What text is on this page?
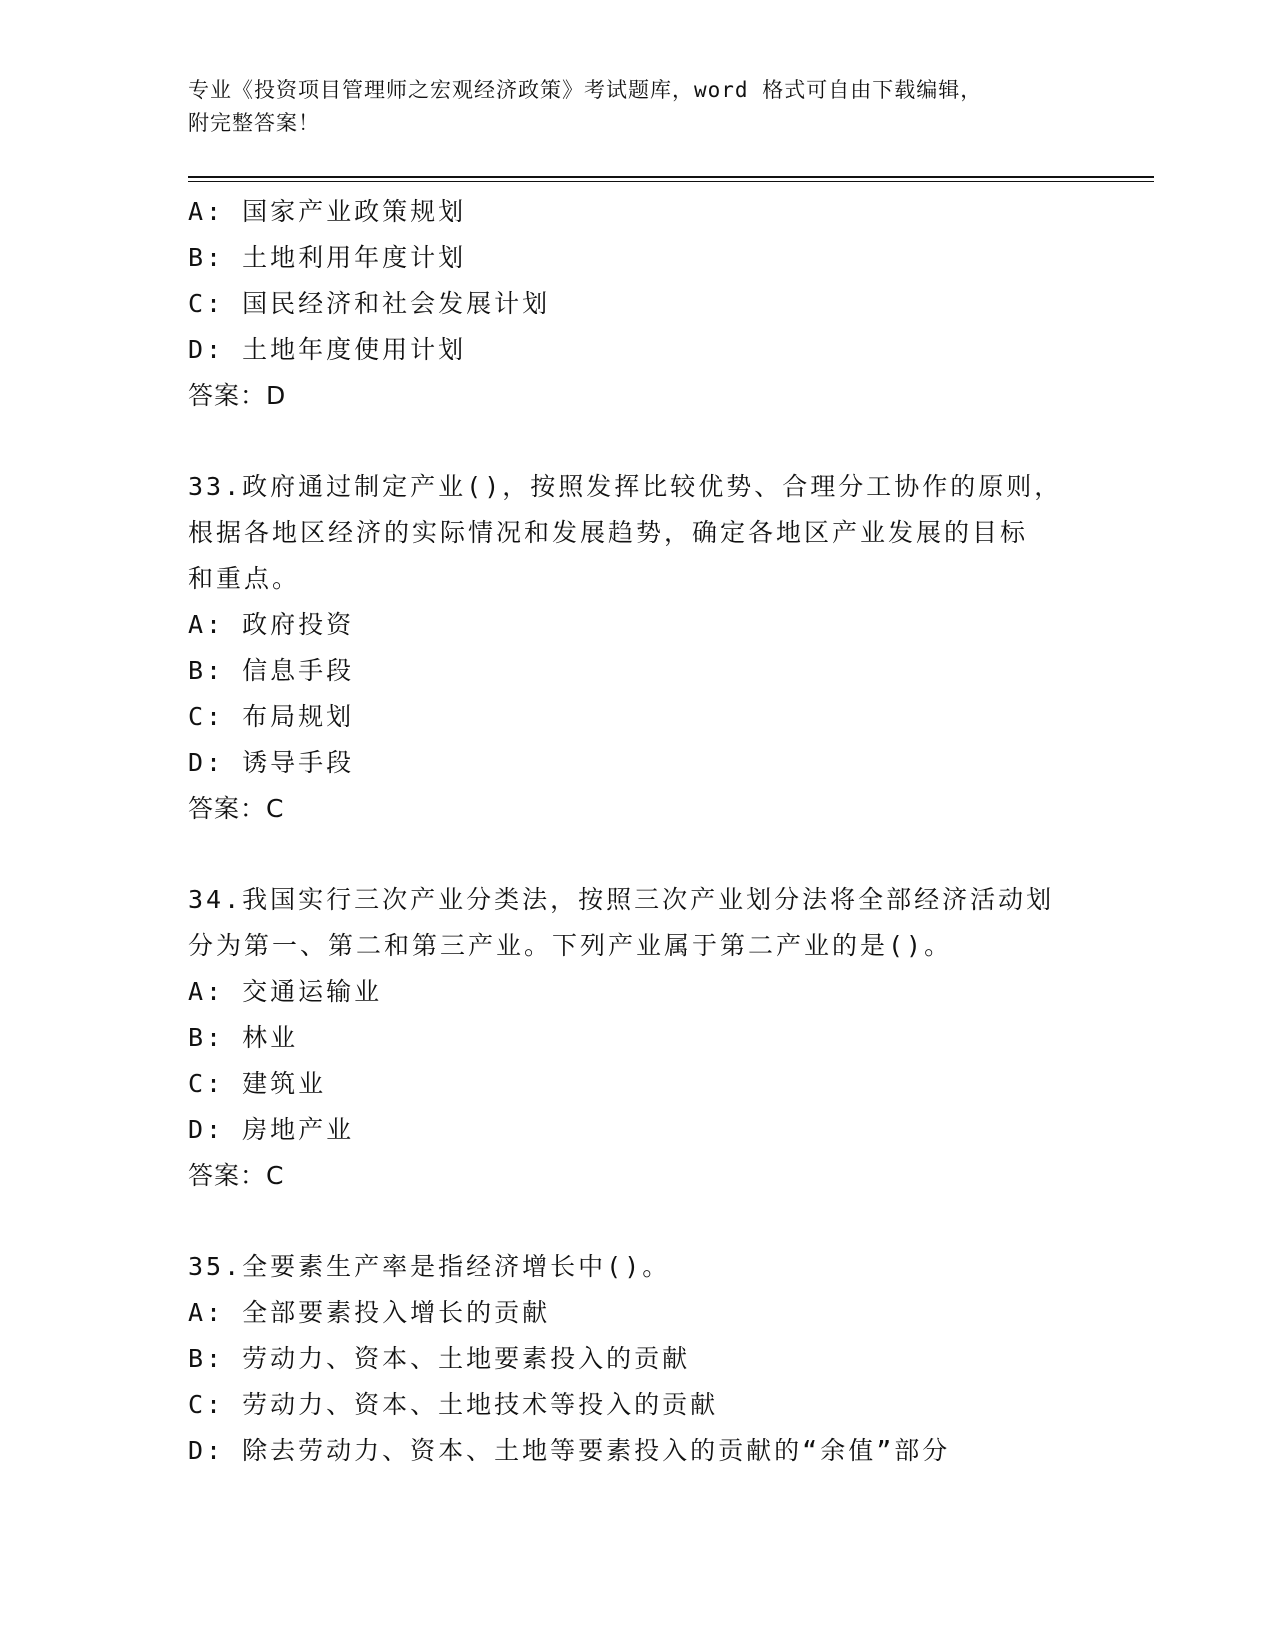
专业《投资项目管理师之宏观经济政策》考试题库，word 格式可自由下载编辑，
附完整答案！
A: 国家产业政策规划
B: 土地利用年度计划
C: 国民经济和社会发展计划
D: 土地年度使用计划
答案：D
33.政府通过制定产业()，按照发挥比较优势、合理分工协作的原则，
根据各地区经济的实际情况和发展趋势，确定各地区产业发展的目标
和重点。
A: 政府投资
B: 信息手段
C: 布局规划
D: 诱导手段
答案：C
34.我国实行三次产业分类法，按照三次产业划分法将全部经济活动划
分为第一、第二和第三产业。下列产业属于第二产业的是()。
A: 交通运输业
B: 林业
C: 建筑业
D: 房地产业
答案：C
35.全要素生产率是指经济增长中()。
A: 全部要素投入增长的贡献
B: 劳动力、资本、土地要素投入的贡献
C: 劳动力、资本、土地技术等投入的贡献
D: 除去劳动力、资本、土地等要素投入的贡献的“余值”部分
